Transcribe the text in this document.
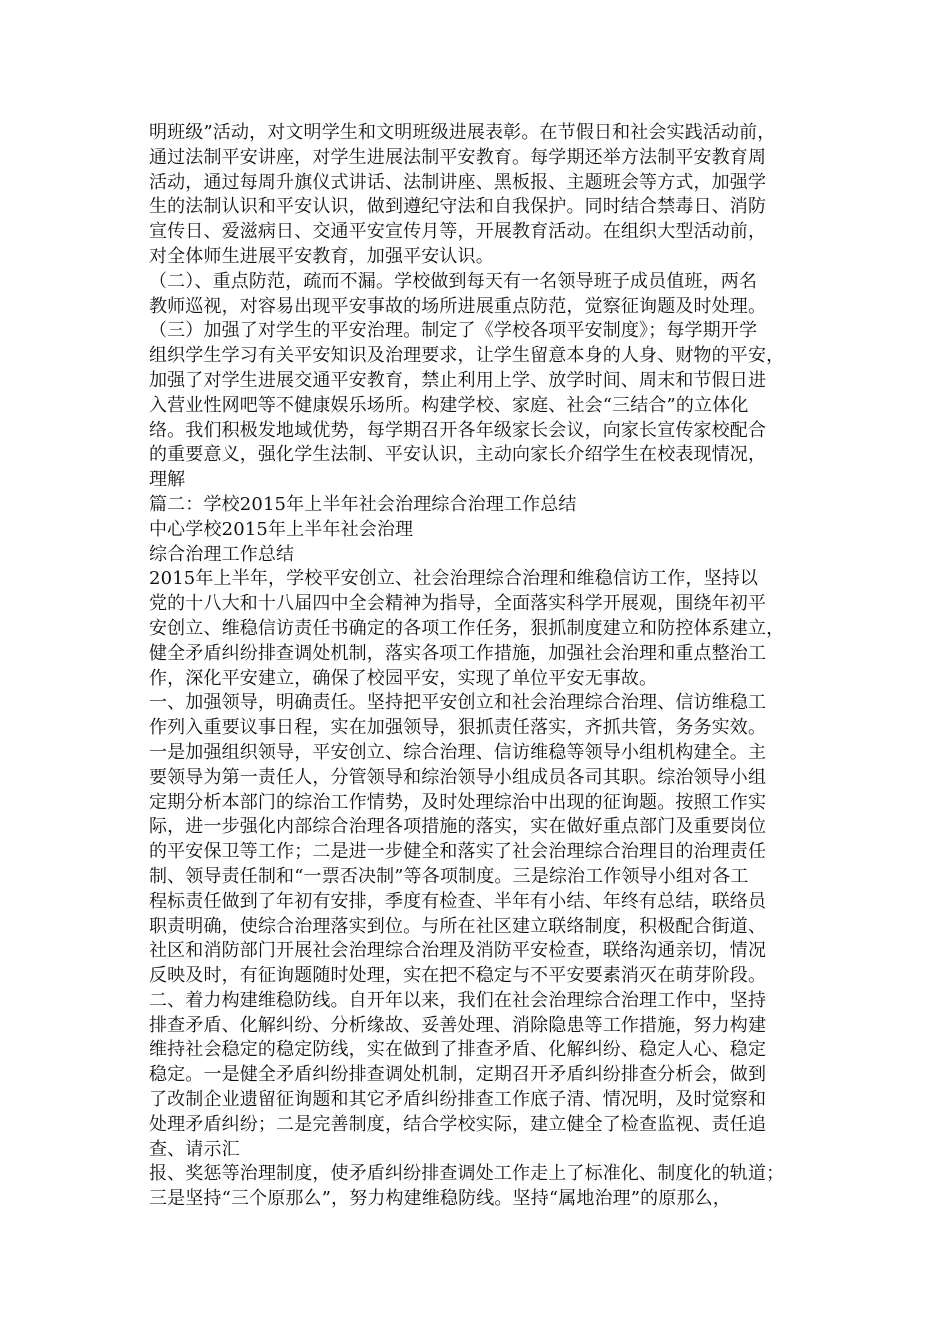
明班级”活动，对文明学生和文明班级进展表彰。在节假日和社会实践活动前，
通过法制平安讲座，对学生进展法制平安教育。每学期还举方法制平安教育周
活动，通过每周升旗仪式讲话、法制讲座、黑板报、主题班会等方式，加强学
生的法制认识和平安认识，做到遵纪守法和自我保护。同时结合禁毒日、消防
宣传日、爱滋病日、交通平安宣传月等，开展教育活动。在组织大型活动前，
对全体师生进展平安教育，加强平安认识。
（二）、重点防范，疏而不漏。学校做到每天有一名领导班子成员值班，两名
教师巡视，对容易出现平安事故的场所进展重点防范，觉察征询题及时处理。
（三）加强了对学生的平安治理。制定了《学校各项平安制度》；每学期开学
组织学生学习有关平安知识及治理要求，让学生留意本身的人身、财物的平安，
加强了对学生进展交通平安教育，禁止利用上学、放学时间、周末和节假日进
入营业性网吧等不健康娱乐场所。构建学校、家庭、社会“三结合”的立体化
络。我们积极发地域优势，每学期召开各年级家长会议，向家长宣传家校配合
的重要意义，强化学生法制、平安认识，主动向家长介绍学生在校表现情况，
理解
篇二：学校2015年上半年社会治理综合治理工作总结
中心学校2015年上半年社会治理
综合治理工作总结
2015年上半年，学校平安创立、社会治理综合治理和维稳信访工作，坚持以
党的十八大和十八届四中全会精神为指导，全面落实科学开展观，围绕年初平
安创立、维稳信访责任书确定的各项工作任务，狠抓制度建立和防控体系建立，
健全矛盾纠纷排查调处机制，落实各项工作措施，加强社会治理和重点整治工
作，深化平安建立，确保了校园平安，实现了单位平安无事故。
一、加强领导，明确责任。坚持把平安创立和社会治理综合治理、信访维稳工
作列入重要议事日程，实在加强领导，狠抓责任落实，齐抓共管，务务实效。
一是加强组织领导，平安创立、综合治理、信访维稳等领导小组机构建全。主
要领导为第一责任人，分管领导和综治领导小组成员各司其职。综治领导小组
定期分析本部门的综治工作情势，及时处理综治中出现的征询题。按照工作实
际，进一步强化内部综合治理各项措施的落实，实在做好重点部门及重要岗位
的平安保卫等工作；二是进一步健全和落实了社会治理综合治理目的治理责任
制、领导责任制和“一票否决制”等各项制度。三是综治工作领导小组对各工
程标责任做到了年初有安排，季度有检查、半年有小结、年终有总结，联络员
职责明确，使综合治理落实到位。与所在社区建立联络制度，积极配合街道、
社区和消防部门开展社会治理综合治理及消防平安检查，联络沟通亲切，情况
反映及时，有征询题随时处理，实在把不稳定与不平安要素消灭在萌芽阶段。
二、着力构建维稳防线。自开年以来，我们在社会治理综合治理工作中，坚持
排查矛盾、化解纠纷、分析缘故、妥善处理、消除隐患等工作措施，努力构建
维持社会稳定的稳定防线，实在做到了排查矛盾、化解纠纷、稳定人心、稳定
稳定。一是健全矛盾纠纷排查调处机制，定期召开矛盾纠纷排查分析会，做到
了改制企业遗留征询题和其它矛盾纠纷排查工作底子清、情况明，及时觉察和
处理矛盾纠纷；二是完善制度，结合学校实际，建立健全了检查监视、责任追
查、请示汇
报、奖惩等治理制度，使矛盾纠纷排查调处工作走上了标准化、制度化的轨道；
三是坚持“三个原那么”，努力构建维稳防线。坚持“属地治理”的原那么，
